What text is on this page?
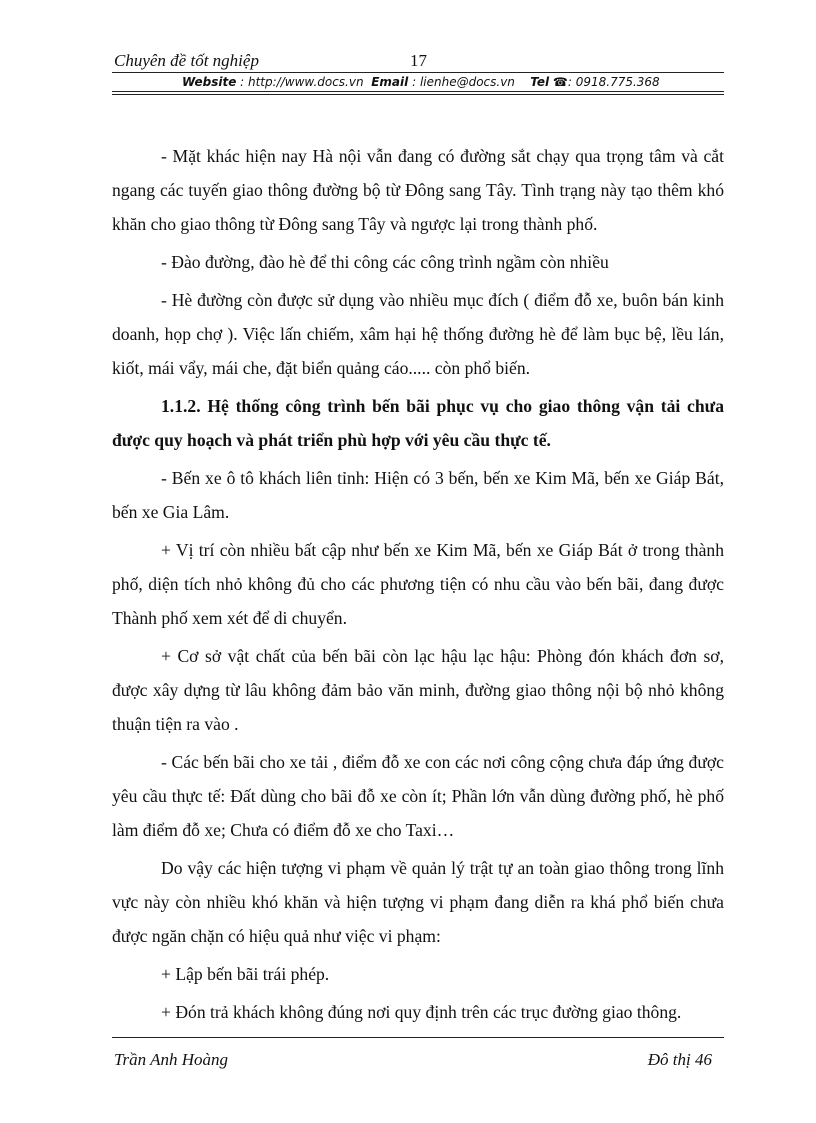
Chuyên đề tốt nghiệp	17
Website : http://www.docs.vn Email : lienhe@docs.vn Tel ☎: 0918.775.368

- Mặt khác hiện nay Hà nội vẫn đang có đường sắt chạy qua trọng tâm và cắt ngang các tuyến giao thông đường bộ từ Đông sang Tây. Tình trạng này tạo thêm khó khăn cho giao thông từ Đông sang Tây và ngược lại trong thành phố.

- Đào đường, đào hè để thi công các công trình ngầm còn nhiều

- Hè đường còn được sử dụng vào nhiều mục đích ( điểm đỗ xe, buôn bán kinh doanh, họp chợ ). Việc lấn chiếm, xâm hại hệ thống đường hè để làm bục bệ, lều lán, kiốt, mái vẩy, mái che, đặt biển quảng cáo..... còn phổ biến.

1.1.2. Hệ thống công trình bến bãi phục vụ cho giao thông vận tải chưa được quy hoạch và phát triển phù hợp với yêu cầu thực tế.

- Bến xe ô tô khách liên tỉnh: Hiện có 3 bến, bến xe Kim Mã, bến xe Giáp Bát, bến xe Gia Lâm.

+ Vị trí còn nhiều bất cập như bến xe Kim Mã, bến xe Giáp Bát ở trong thành phố, diện tích nhỏ không đủ cho các phương tiện có nhu cầu vào bến bãi, đang được Thành phố xem xét để di chuyển.

+ Cơ sở vật chất của bến bãi còn lạc hậu lạc hậu: Phòng đón khách đơn sơ, được xây dựng từ lâu không đảm bảo văn minh, đường giao thông nội bộ nhỏ không thuận tiện ra vào .

- Các bến bãi cho xe tải , điểm đỗ xe con các nơi công cộng chưa đáp ứng được yêu cầu thực tế: Đất dùng cho bãi đỗ xe còn ít; Phần lớn vẫn dùng đường phố, hè phố làm điểm đỗ xe; Chưa có điểm đỗ xe cho Taxi…

Do vậy các hiện tượng vi phạm về quản lý trật tự an toàn giao thông trong lĩnh vực này còn nhiều khó khăn và hiện tượng vi phạm đang diễn ra khá phổ biến chưa được ngăn chặn có hiệu quả như việc vi phạm:

+ Lập bến bãi trái phép.

+ Đón trả khách không đúng nơi quy định trên các trục đường giao thông.

Trần Anh Hoàng	Đô thị 46
